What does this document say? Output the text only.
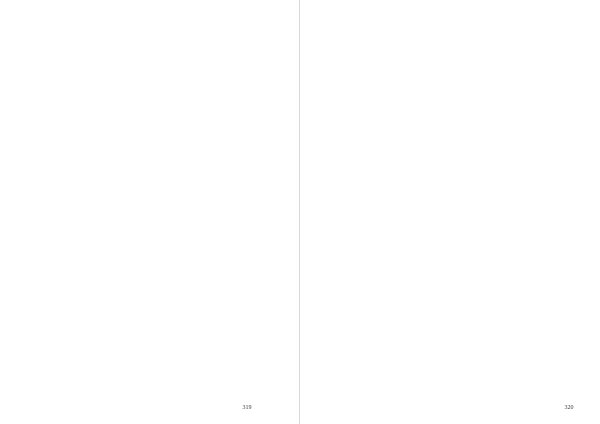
319	320
